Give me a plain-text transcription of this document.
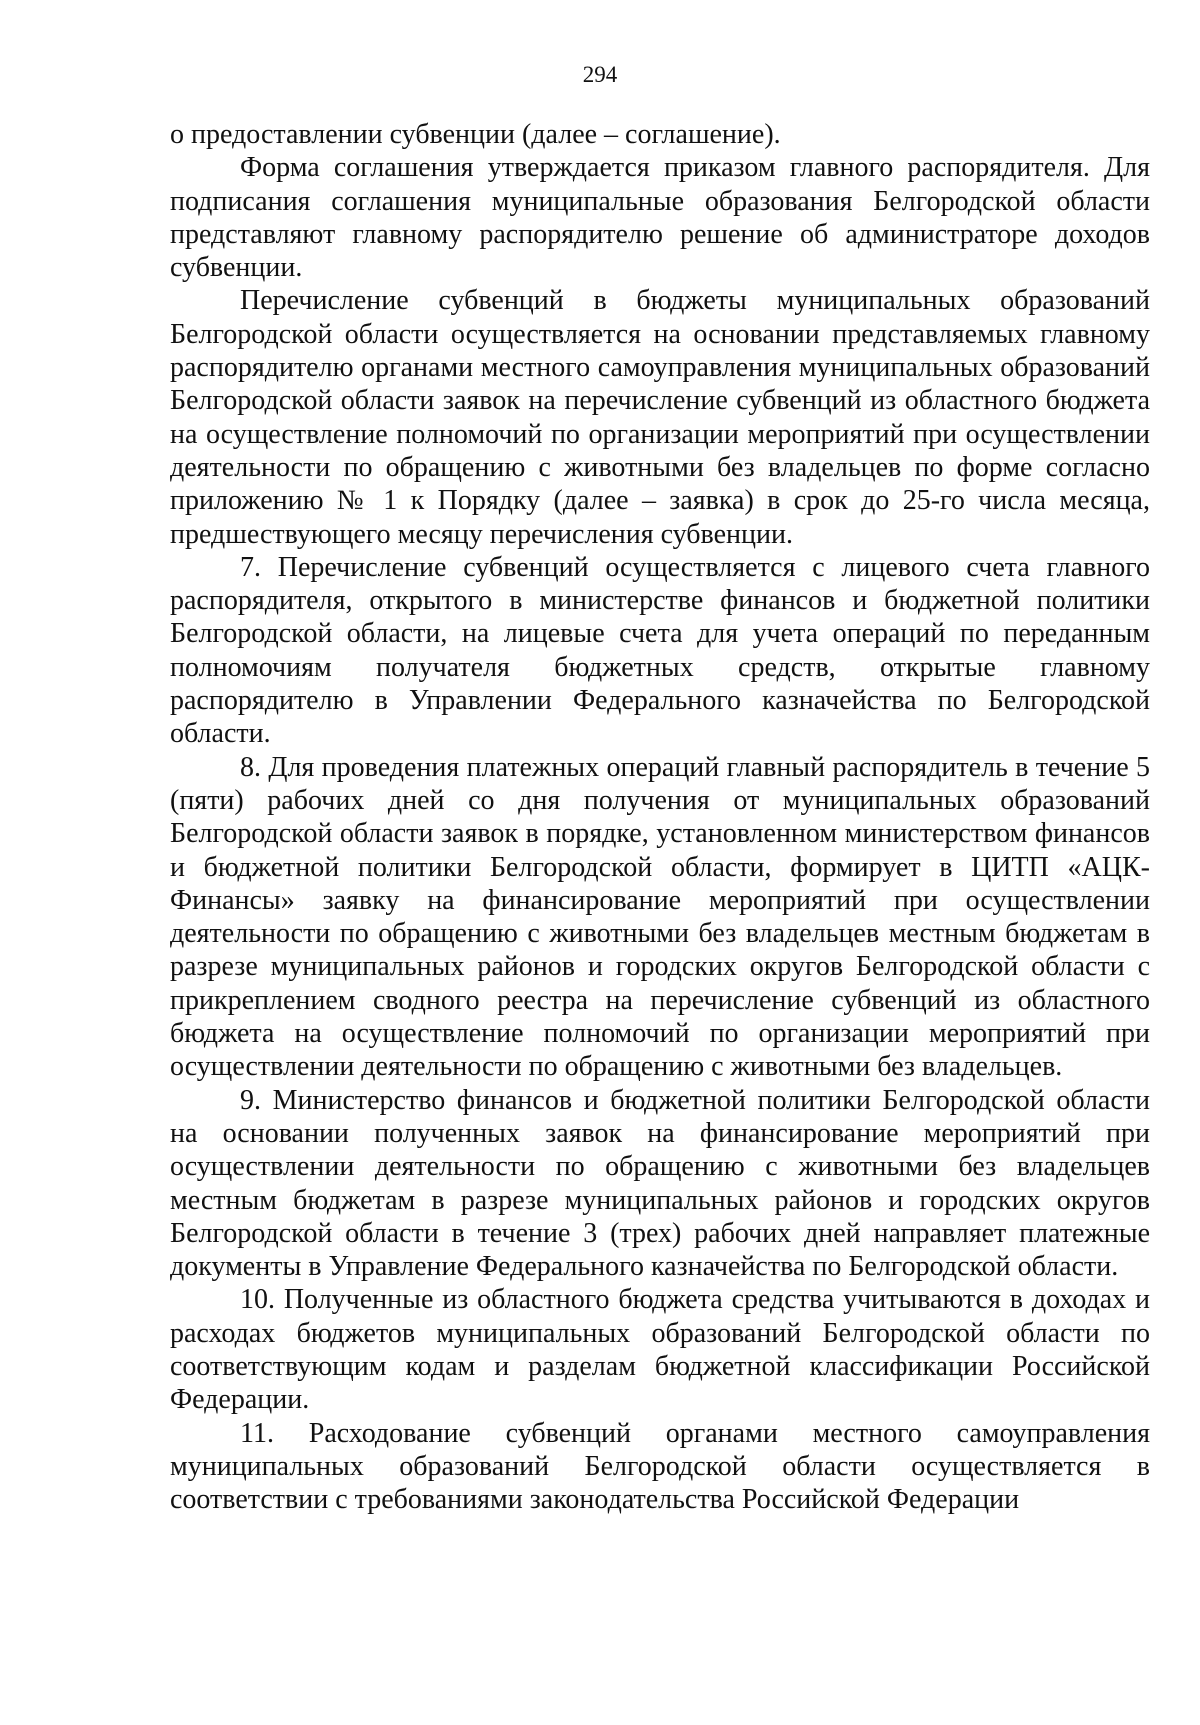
294

о предоставлении субвенции (далее – соглашение).

Форма соглашения утверждается приказом главного распорядителя. Для подписания соглашения муниципальные образования Белгородской области представляют главному распорядителю решение об администраторе доходов субвенции.

Перечисление субвенций в бюджеты муниципальных образований Белгородской области осуществляется на основании представляемых главному распорядителю органами местного самоуправления муниципальных образований Белгородской области заявок на перечисление субвенций из областного бюджета на осуществление полномочий по организации мероприятий при осуществлении деятельности по обращению с животными без владельцев по форме согласно приложению № 1 к Порядку (далее – заявка) в срок до 25-го числа месяца, предшествующего месяцу перечисления субвенции.

7. Перечисление субвенций осуществляется с лицевого счета главного распорядителя, открытого в министерстве финансов и бюджетной политики Белгородской области, на лицевые счета для учета операций по переданным полномочиям получателя бюджетных средств, открытые главному распорядителю в Управлении Федерального казначейства по Белгородской области.

8. Для проведения платежных операций главный распорядитель в течение 5 (пяти) рабочих дней со дня получения от муниципальных образований Белгородской области заявок в порядке, установленном министерством финансов и бюджетной политики Белгородской области, формирует в ЦИТП «АЦК-Финансы» заявку на финансирование мероприятий при осуществлении деятельности по обращению с животными без владельцев местным бюджетам в разрезе муниципальных районов и городских округов Белгородской области с прикреплением сводного реестра на перечисление субвенций из областного бюджета на осуществление полномочий по организации мероприятий при осуществлении деятельности по обращению с животными без владельцев.

9. Министерство финансов и бюджетной политики Белгородской области на основании полученных заявок на финансирование мероприятий при осуществлении деятельности по обращению с животными без владельцев местным бюджетам в разрезе муниципальных районов и городских округов Белгородской области в течение 3 (трех) рабочих дней направляет платежные документы в Управление Федерального казначейства по Белгородской области.

10. Полученные из областного бюджета средства учитываются в доходах и расходах бюджетов муниципальных образований Белгородской области по соответствующим кодам и разделам бюджетной классификации Российской Федерации.

11. Расходование субвенций органами местного самоуправления муниципальных образований Белгородской области осуществляется в соответствии с требованиями законодательства Российской Федерации
